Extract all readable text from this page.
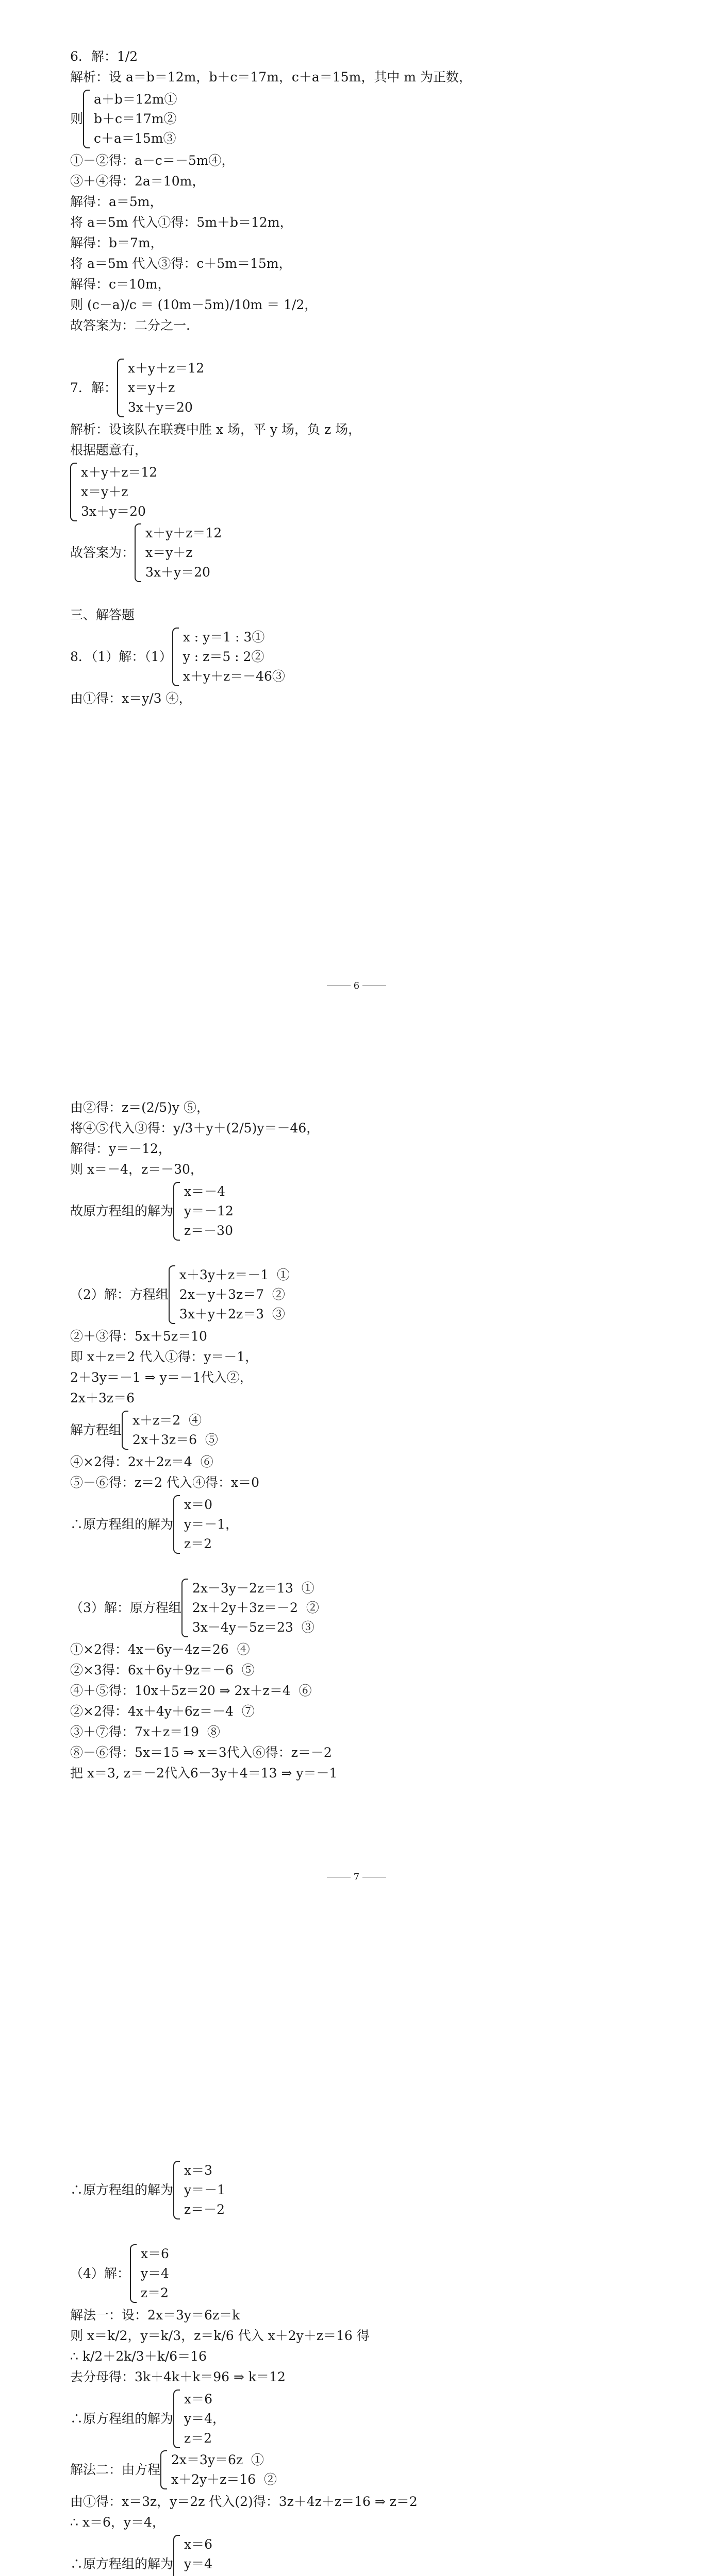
6．解：1/2
解析：设 a＝b＝12m，b＋c＝17m，c＋a＝15m，其中 m 为正数，
则
a＋b＝12m①
b＋c＝17m②
c＋a＝15m③
①－②得：a－c＝－5m④，
③＋④得：2a＝10m，
解得：a＝5m，
将 a＝5m 代入①得：5m＋b＝12m，
解得：b＝7m，
将 a＝5m 代入③得：c＋5m＝15m，
解得：c＝10m，
则 (c－a)/c ＝ (10m－5m)/10m ＝ 1/2，
故答案为：二分之一．
7．解：
x＋y＋z＝12
x＝y＋z
3x＋y＝20
解析：设该队在联赛中胜 x 场，平 y 场，负 z 场，
根据题意有，
x＋y＋z＝12
x＝y＋z
3x＋y＝20
故答案为：
x＋y＋z＝12
x＝y＋z
3x＋y＝20
三、解答题
8．（1）解：（1）
x : y＝1 : 3①
y : z＝5 : 2②
x＋y＋z＝－46③
由①得：x＝y/3 ④，
6
由②得：z＝(2/5)y ⑤，
将④⑤代入③得：y/3＋y＋(2/5)y＝－46，
解得：y＝－12，
则 x＝－4，z＝－30，
故原方程组的解为
x＝－4
y＝－12
z＝－30
（2）解：方程组
x＋3y＋z＝－1  ①
2x－y＋3z＝7  ②
3x＋y＋2z＝3  ③
②＋③得：5x＋5z＝10
即 x＋z＝2 代入①得：y＝－1，
2＋3y＝－1 ⇒ y＝－1代入②，
2x＋3z＝6
解方程组
x＋z＝2  ④
2x＋3z＝6  ⑤
④×2得：2x＋2z＝4  ⑥
⑤－⑥得：z＝2 代入④得：x＝0
∴原方程组的解为
x＝0
y＝－1，
z＝2
（3）解：原方程组
2x－3y－2z＝13  ①
2x＋2y＋3z＝－2  ②
3x－4y－5z＝23  ③
①×2得：4x－6y－4z＝26  ④
②×3得：6x＋6y＋9z＝－6  ⑤
④＋⑤得：10x＋5z＝20 ⇒ 2x＋z＝4  ⑥
②×2得：4x＋4y＋6z＝－4  ⑦
③＋⑦得：7x＋z＝19  ⑧
⑧－⑥得：5x＝15 ⇒ x＝3代入⑥得：z＝－2
把 x＝3, z＝－2代入6－3y＋4＝13 ⇒ y＝－1
7
∴原方程组的解为
x＝3
y＝－1
z＝－2
（4）解：
x＝6
y＝4
z＝2
解法一：设：2x＝3y＝6z＝k
则 x＝k/2，y＝k/3，z＝k/6 代入 x＋2y＋z＝16 得
∴ k/2＋2k/3＋k/6＝16
去分母得：3k＋4k＋k＝96 ⇒ k＝12
∴原方程组的解为
x＝6
y＝4，
z＝2
解法二：由方程
2x＝3y＝6z  ①
x＋2y＋z＝16  ②
由①得：x＝3z，y＝2z 代入(2)得：3z＋4z＋z＝16 ⇒ z＝2
∴ x＝6，y＝4，
∴原方程组的解为
x＝6
y＝4
